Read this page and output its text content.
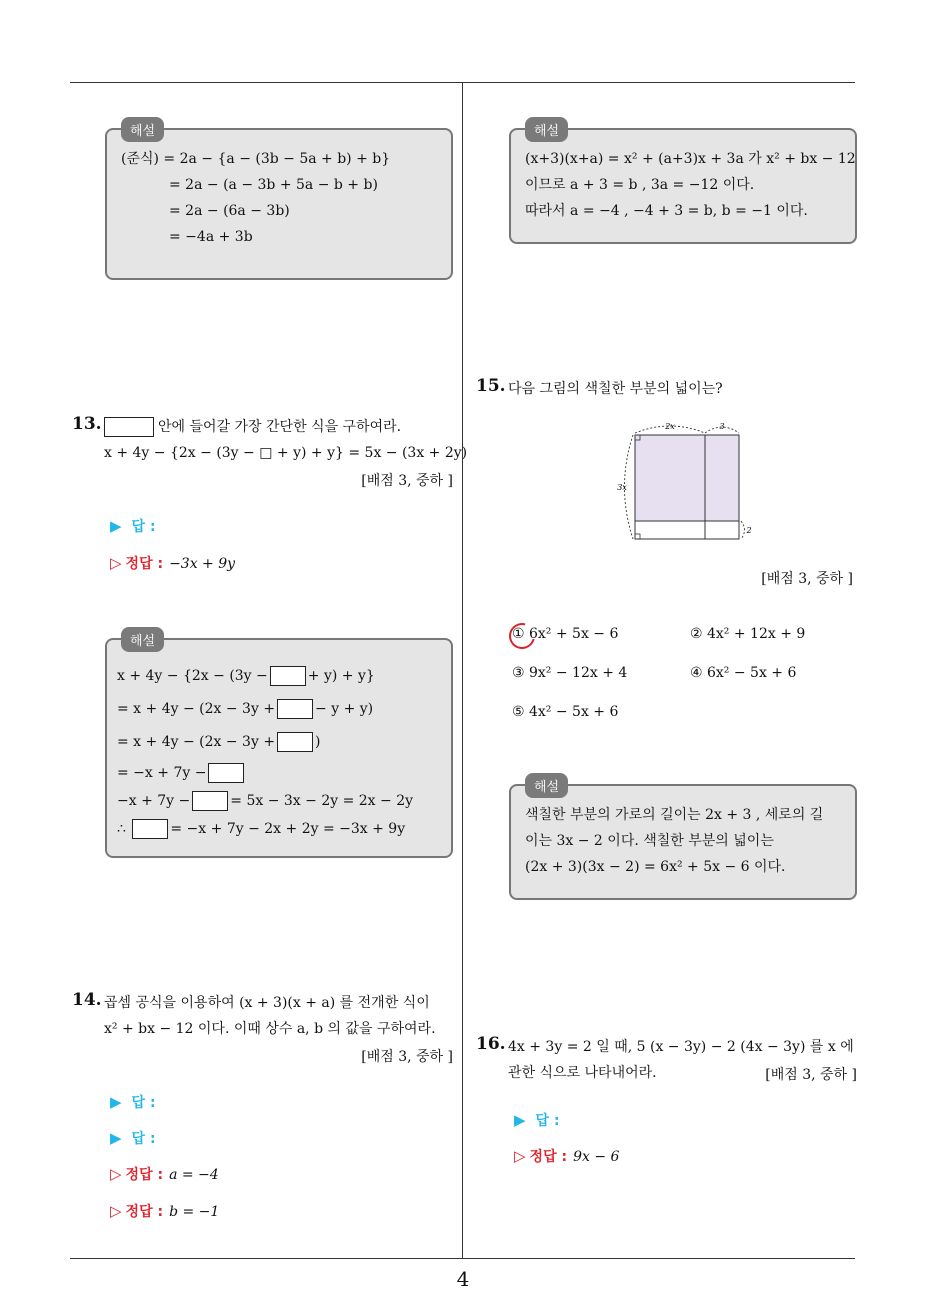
해설
(준식) = 2a − {a − (3b − 5a + b) + b}
= 2a − (a − 3b + 5a − b + b)
= 2a − (6a − 3b)
= −4a + 3b
해설
(x+3)(x+a) = x² + (a+3)x + 3a 가 x² + bx − 12
이므로 a + 3 = b , 3a = −12 이다.
따라서 a = −4 , −4 + 3 = b, b = −1 이다.
13.	안에 들어갈 가장 간단한 식을 구하여라.
x + 4y − {2x − (3y − □ + y) + y} = 5x − (3x + 2y)
[배점 3, 중하 ]
▶ 답 :
▷ 정답 : −3x + 9y
해설
x + 4y − {2x − (3y −	+ y) + y}
= x + 4y − (2x − 3y +	− y + y)
= x + 4y − (2x − 3y +	)
= −x + 7y −
−x + 7y −	= 5x − 3x − 2y = 2x − 2y
∴	= −x + 7y − 2x + 2y = −3x + 9y
14. 곱셈 공식을 이용하여 (x + 3)(x + a) 를 전개한 식이
x² + bx − 12 이다. 이때 상수 a, b 의 값을 구하여라.
[배점 3, 중하 ]
▶ 답 :
▶ 답 :
▷ 정답 : a = −4
▷ 정답 : b = −1
15. 다음 그림의 색칠한 부분의 넓이는?
2x	3
3x
2
[배점 3, 중하 ]
① 6x² + 5x − 6	② 4x² + 12x + 9
③ 9x² − 12x + 4	④ 6x² − 5x + 6
⑤ 4x² − 5x + 6
해설
색칠한 부분의 가로의 길이는 2x + 3 , 세로의 길
이는 3x − 2 이다. 색칠한 부분의 넓이는
(2x + 3)(3x − 2) = 6x² + 5x − 6 이다.
16. 4x + 3y = 2 일 때, 5 (x − 3y) − 2 (4x − 3y) 를 x 에
관한 식으로 나타내어라.	[배점 3, 중하 ]
▶ 답 :
▷ 정답 : 9x − 6
4
